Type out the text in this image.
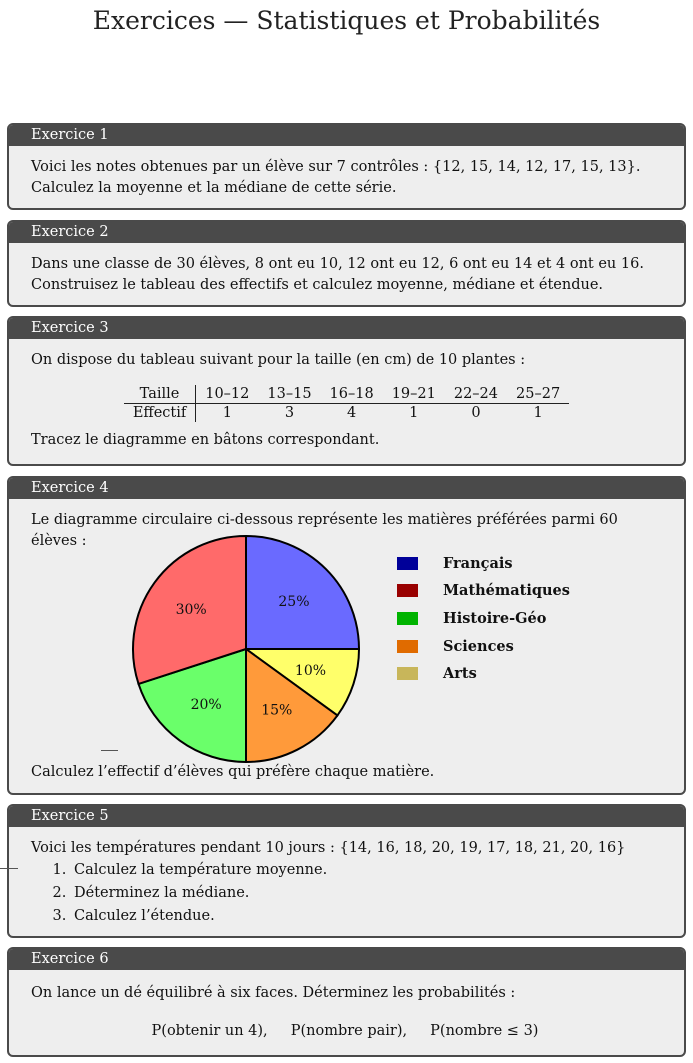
Exercices — Statistiques et Probabilités
Exercice 1

Voici les notes obtenues par un élève sur 7 contrôles : {12, 15, 14, 12, 17, 15, 13}.

Calculez la moyenne et la médiane de cette série.

Exercice 2

Dans une classe de 30 élèves, 8 ont eu 10, 12 ont eu 12, 6 ont eu 14 et 4 ont eu 16.

Construisez le tableau des effectifs et calculez moyenne, médiane et étendue.

Exercice 3

On dispose du tableau suivant pour la taille (en cm) de 10 plantes :

Taille	10–12	13–15	16–18	19–21	22–24	25–27
Effectif	1	3	4	1	0	1

Tracez le diagramme en bâtons correspondant.

Exercice 4

Le diagramme circulaire ci-dessous représente les matières préférées parmi 60 élèves :

25%
10%
15%
20%
30%
Français
Mathématiques
Histoire-Géo
Sciences
Arts

Calculez l’effectif d’élèves qui préfère chaque matière.

Exercice 5

Voici les températures pendant 10 jours : {14, 16, 18, 20, 19, 17, 18, 21, 20, 16}

1. Calculez la température moyenne.
2. Déterminez la médiane.
3. Calculez l’étendue.
Exercice 6

On lance un dé équilibré à six faces. Déterminez les probabilités :

P(obtenir un 4), P(nombre pair), P(nombre ≤ 3)
